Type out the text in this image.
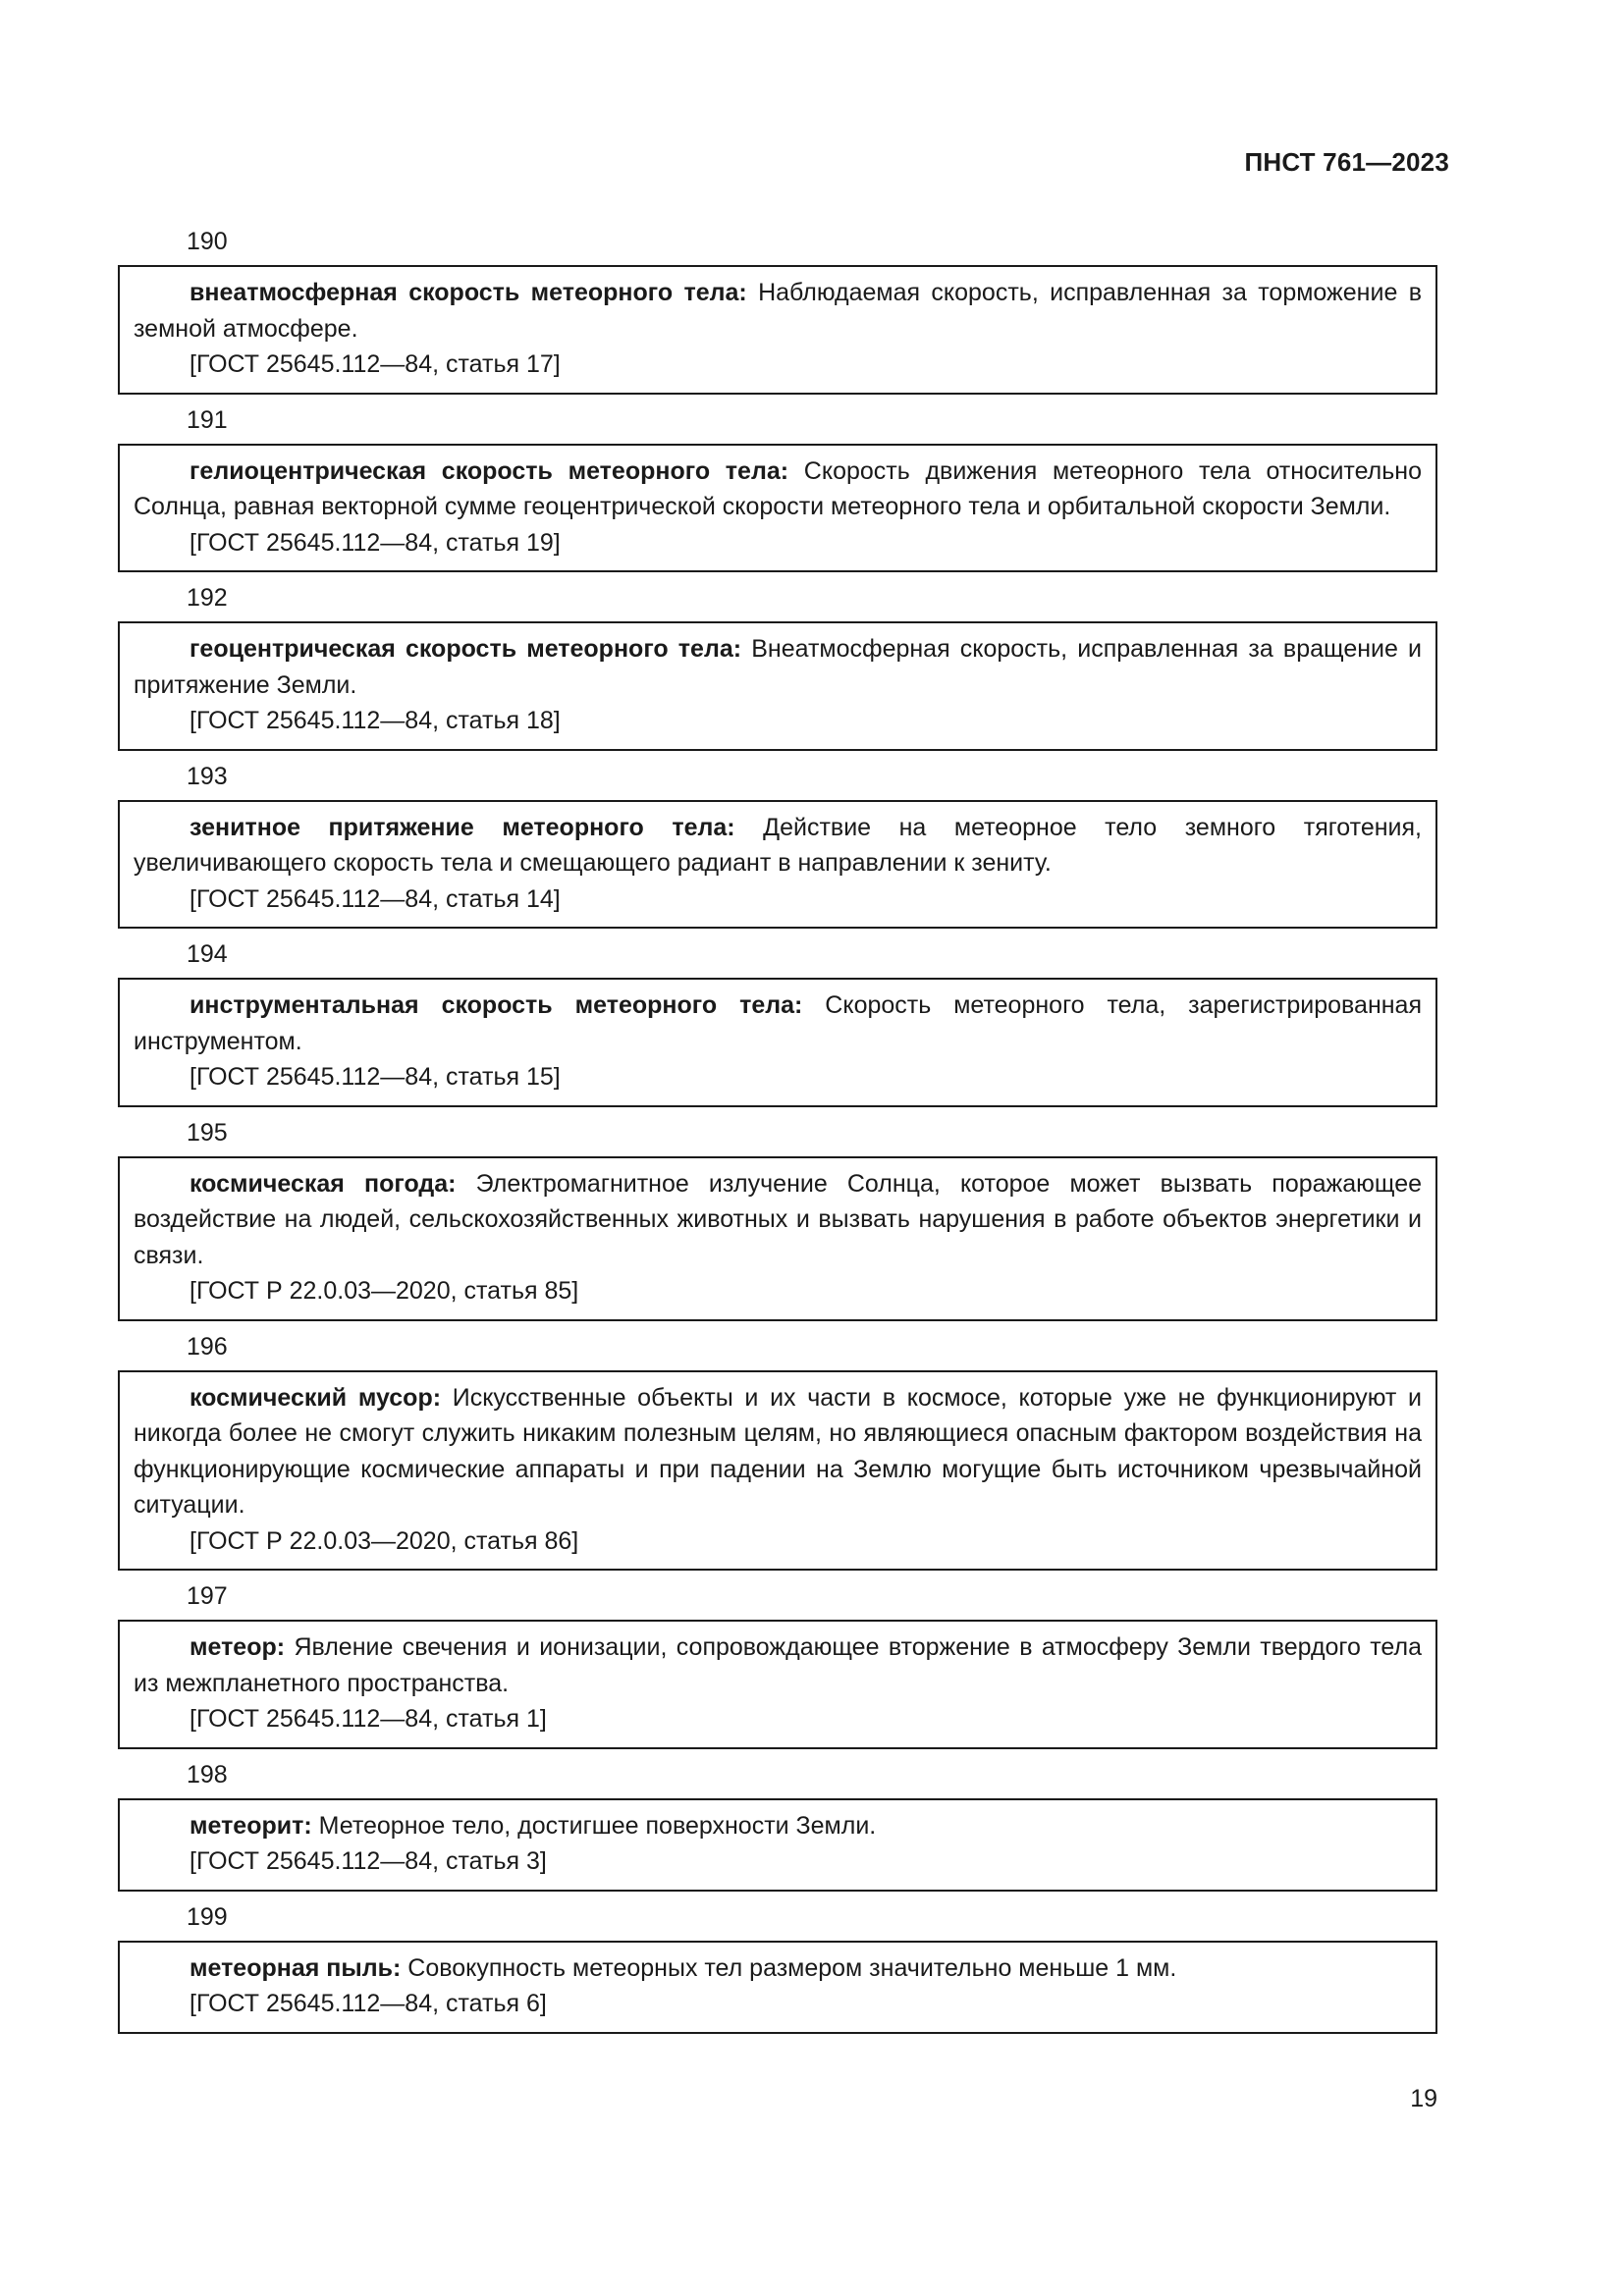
ПНСТ 761—2023
190

внеатмосферная скорость метеорного тела: Наблюдаемая скорость, исправленная за торможение в земной атмосфере.

[ГОСТ 25645.112—84, статья 17]
191

гелиоцентрическая скорость метеорного тела: Скорость движения метеорного тела относительно Солнца, равная векторной сумме геоцентрической скорости метеорного тела и орбитальной скорости Земли.

[ГОСТ 25645.112—84, статья 19]
192

геоцентрическая скорость метеорного тела: Внеатмосферная скорость, исправленная за вращение и притяжение Земли.

[ГОСТ 25645.112—84, статья 18]
193

зенитное притяжение метеорного тела: Действие на метеорное тело земного тяготения, увеличивающего скорость тела и смещающего радиант в направлении к зениту.

[ГОСТ 25645.112—84, статья 14]
194

инструментальная скорость метеорного тела: Скорость метеорного тела, зарегистрированная инструментом.

[ГОСТ 25645.112—84, статья 15]
195

космическая погода: Электромагнитное излучение Солнца, которое может вызвать поражающее воздействие на людей, сельскохозяйственных животных и вызвать нарушения в работе объектов энергетики и связи.

[ГОСТ Р 22.0.03—2020, статья 85]
196

космический мусор: Искусственные объекты и их части в космосе, которые уже не функционируют и никогда более не смогут служить никаким полезным целям, но являющиеся опасным фактором воздействия на функционирующие космические аппараты и при падении на Землю могущие быть источником чрезвычайной ситуации.

[ГОСТ Р 22.0.03—2020, статья 86]
197

метеор: Явление свечения и ионизации, сопровождающее вторжение в атмосферу Земли твердого тела из межпланетного пространства.

[ГОСТ 25645.112—84, статья 1]
198

метеорит: Метеорное тело, достигшее поверхности Земли.

[ГОСТ 25645.112—84, статья 3]
199

метеорная пыль: Совокупность метеорных тел размером значительно меньше 1 мм.

[ГОСТ 25645.112—84, статья 6]
19
